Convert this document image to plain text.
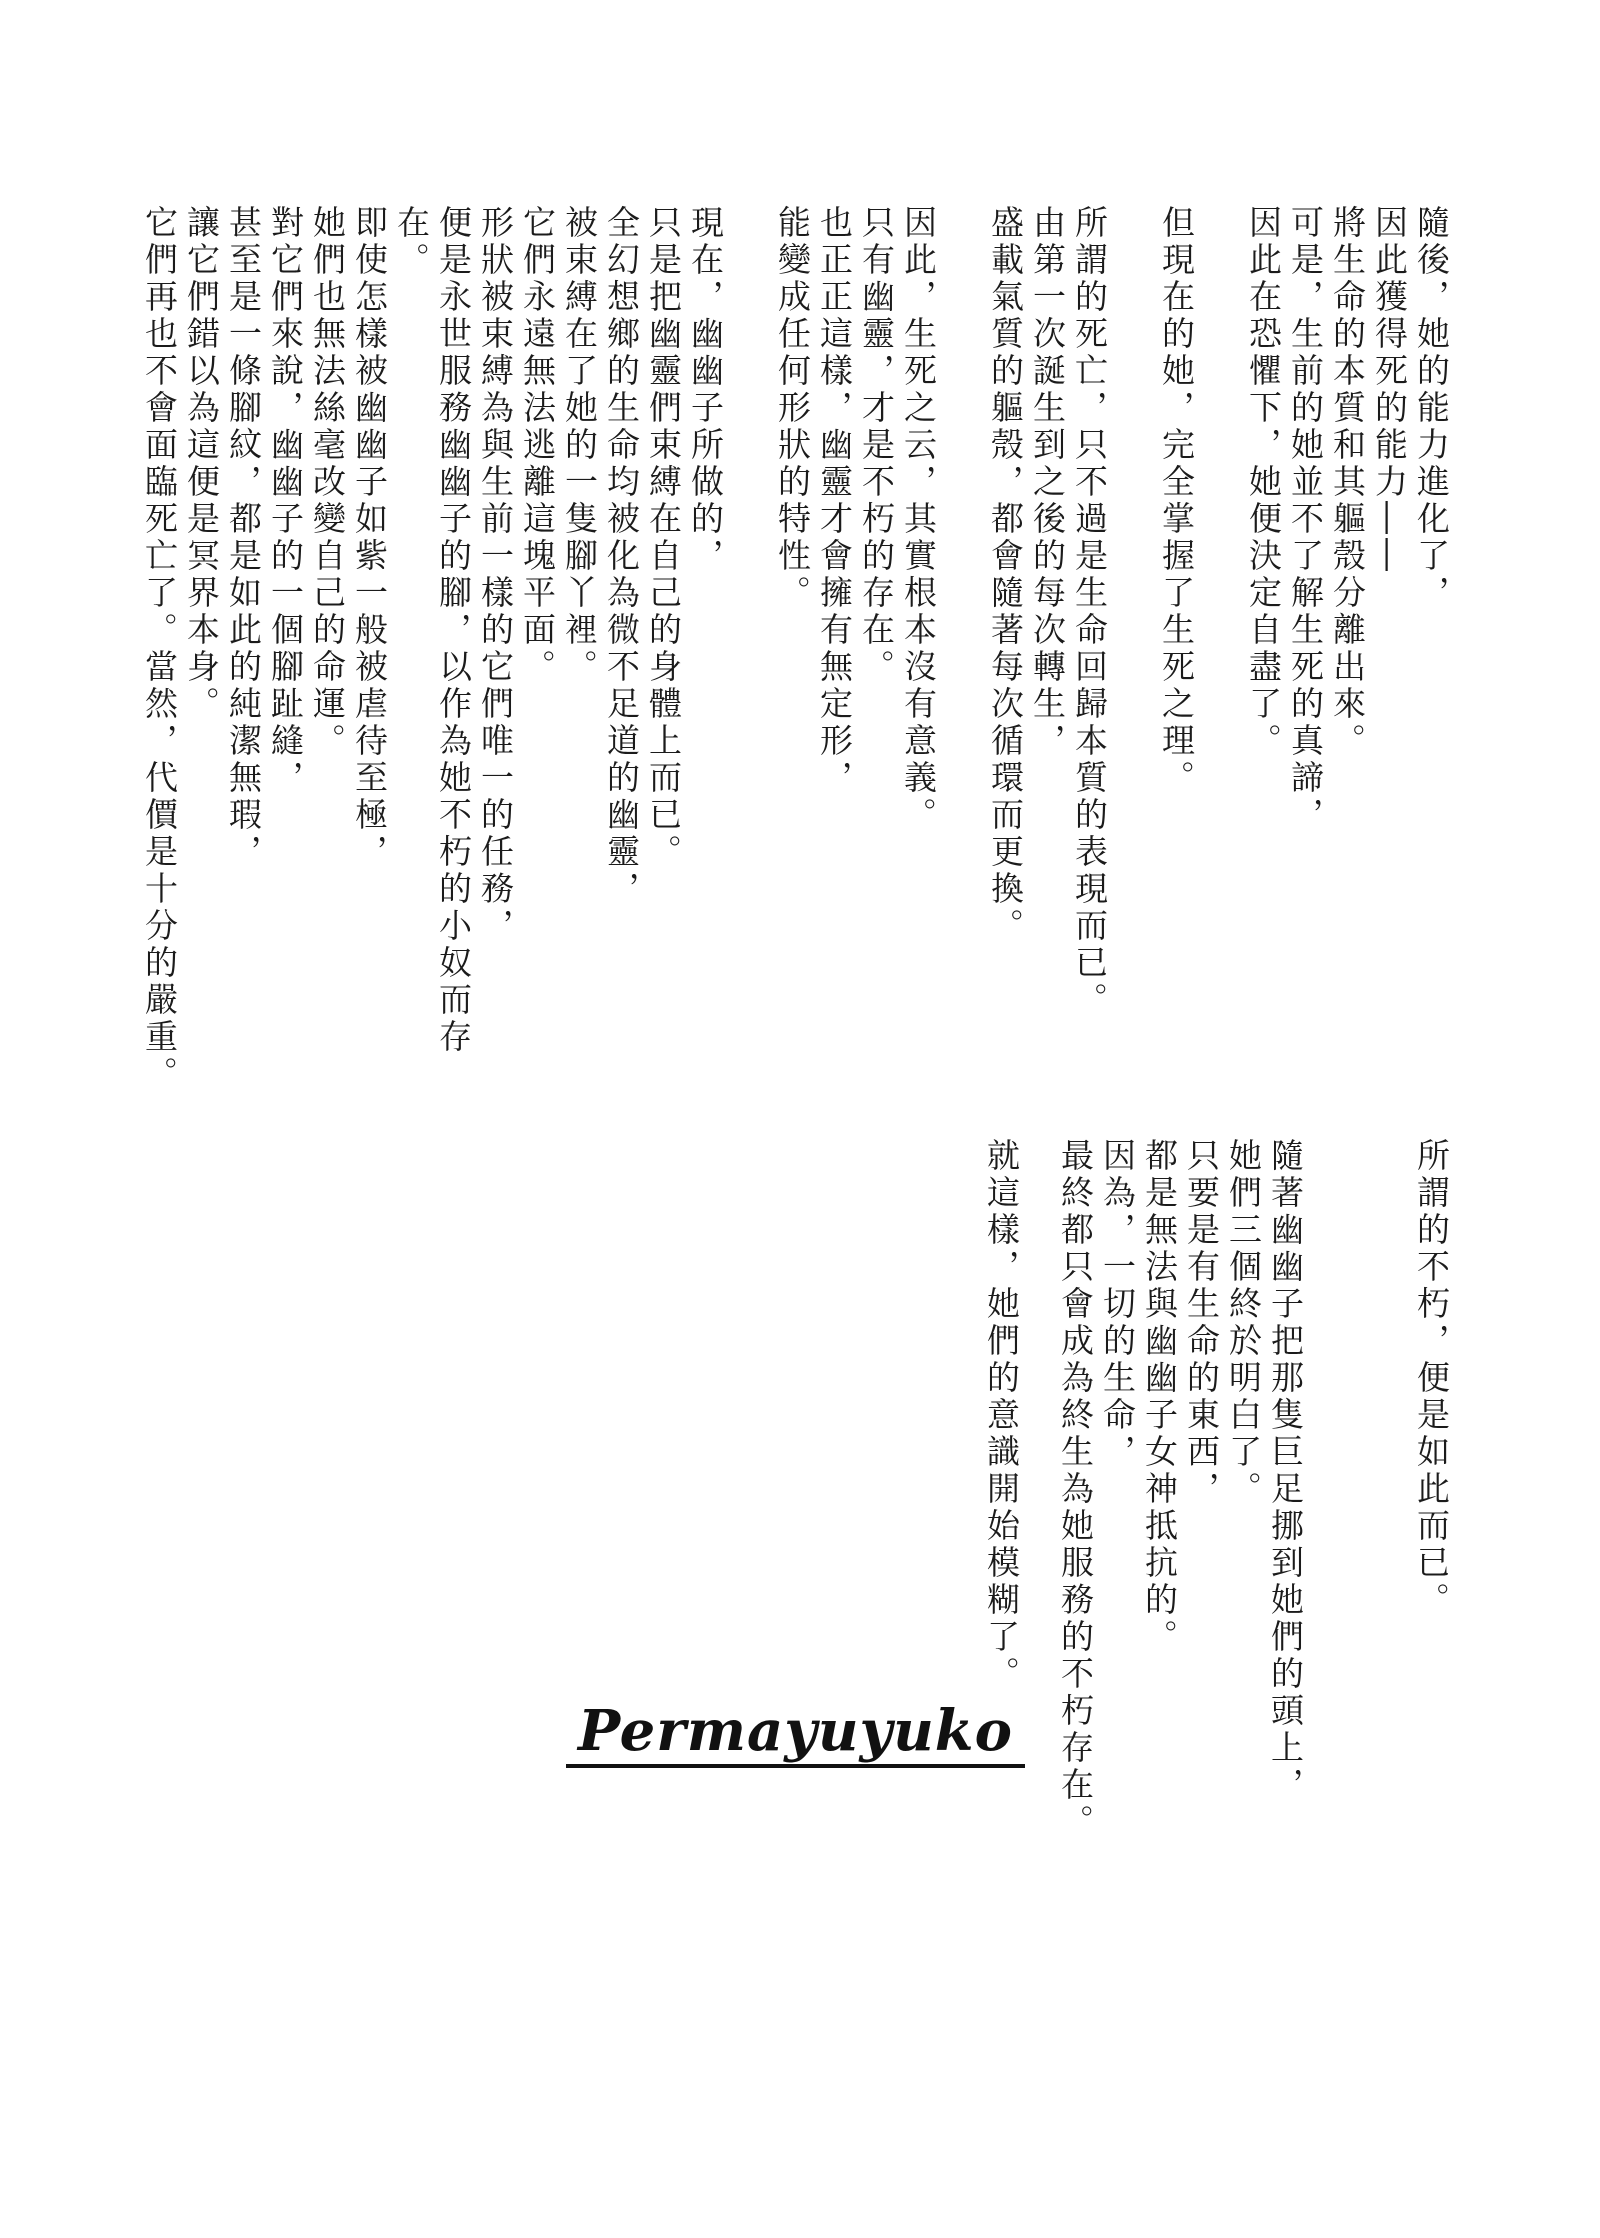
隨後，她的能力進化了，

因此獲得死的能力——

將生命的本質和其軀殼分離出來。

可是，生前的她並不了解生死的真諦，

因此在恐懼下，她便決定自盡了。

但現在的她，完全掌握了生死之理。

所謂的死亡，只不過是生命回歸本質的表現而已。

由第一次誕生到之後的每次轉生，

盛載氣質的軀殼，都會隨著每次循環而更換。

因此，生死之云，其實根本沒有意義。

只有幽靈，才是不朽的存在。

也正正這樣，幽靈才會擁有無定形，

能變成任何形狀的特性。

現在，幽幽子所做的，

只是把幽靈們束縛在自己的身體上而已。

全幻想鄉的生命均被化為微不足道的幽靈，

被束縛在了她的一隻腳丫裡。

它們永遠無法逃離這塊平面。

形狀被束縛為與生前一樣的它們唯一的任務，

便是永世服務幽幽子的腳，以作為她不朽的小奴而存在。

即使怎樣被幽幽子如紫一般被虐待至極，

她們也無法絲毫改變自己的命運。

對它們來說，幽幽子的一個腳趾縫，

甚至是一條腳紋，都是如此的純潔無瑕，

讓它們錯以為這便是冥界本身。

它們再也不會面臨死亡了。當然，代價是十分的嚴重。

所謂的不朽，便是如此而已。

隨著幽幽子把那隻巨足挪到她們的頭上，

她們三個終於明白了。

只要是有生命的東西，

都是無法與幽幽子女神抵抗的。

因為，一切的生命，

最終都只會成為終生為她服務的不朽存在。

就這樣，她們的意識開始模糊了。

Permayuyuko
